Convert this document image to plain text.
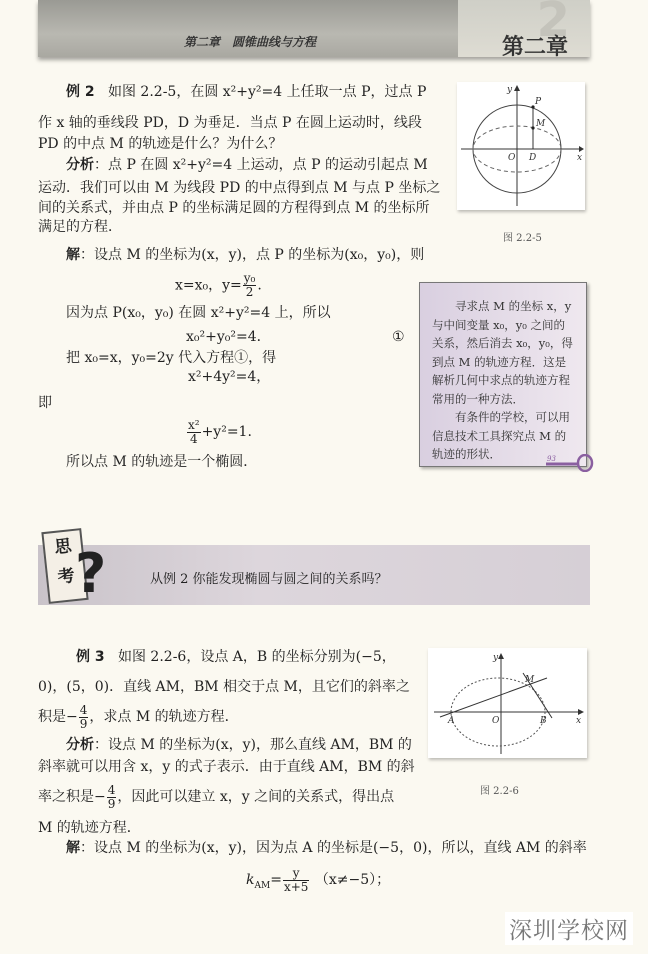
第二章　圆锥曲线与方程	2
第二章
例 2 如图 2.2-5，在圆 x²+y²=4 上任取一点 P，过点 P
作 x 轴的垂线段 PD，D 为垂足．当点 P 在圆上运动时，线段
PD 的中点 M 的轨迹是什么？为什么？
分析：点 P 在圆 x²+y²=4 上运动，点 P 的运动引起点 M
运动．我们可以由 M 为线段 PD 的中点得到点 M 与点 P 坐标之
间的关系式，并由点 P 的坐标满足圆的方程得到点 M 的坐标所
满足的方程．
解：设点 M 的坐标为(x，y)，点 P 的坐标为(x₀，y₀)，则
x=x₀，$y= \frac{\text{y₀}}{2}$ .
因为点 P(x₀，y₀) 在圆 x²+y²=4 上，所以
x₀²+y₀²=4．	①
把 x₀=x，y₀=2y 代入方程①，得
x²+4y²=4，
即
$\frac{\text{x²}}{4} +y^2=1$.
所以点 M 的轨迹是一个椭圆．
y
P
M
O D	x
图 2.2-5

寻求点 M 的坐标 x，y 与中间变量 x₀，y₀ 之间的关系，然后消去 x₀，y₀，得到点 M 的轨迹方程．这是解析几何中求点的轨迹方程常用的一种方法．

有条件的学校，可以用信息技术工具探究点 M 的轨迹的形状．	93
思
考 ?	从例 2 你能发现椭圆与圆之间的关系吗？
例 3 如图 2.2-6，设点 A，B 的坐标分别为(−5，
0)，(5，0)．直线 AM，BM 相交于点 M，且它们的斜率之
积是− $\frac{4}{9}$ ，求点 M 的轨迹方程．
分析：设点 M 的坐标为(x，y)，那么直线 AM，BM 的
斜率就可以用含 x，y 的式子表示．由于直线 AM，BM 的斜
率之积是− $\frac{4}{9}$ ，因此可以建立 x，y 之间的关系式，得出点
M 的轨迹方程．
解：设点 M 的坐标为(x，y)，因为点 A 的坐标是(−5，0)，所以，直线 AM 的斜率
$k_{AM}= \frac{y}{x+5} (x\ne-5)$；
y
M
A	O	B	x
图 2.2-6
深圳学校网
